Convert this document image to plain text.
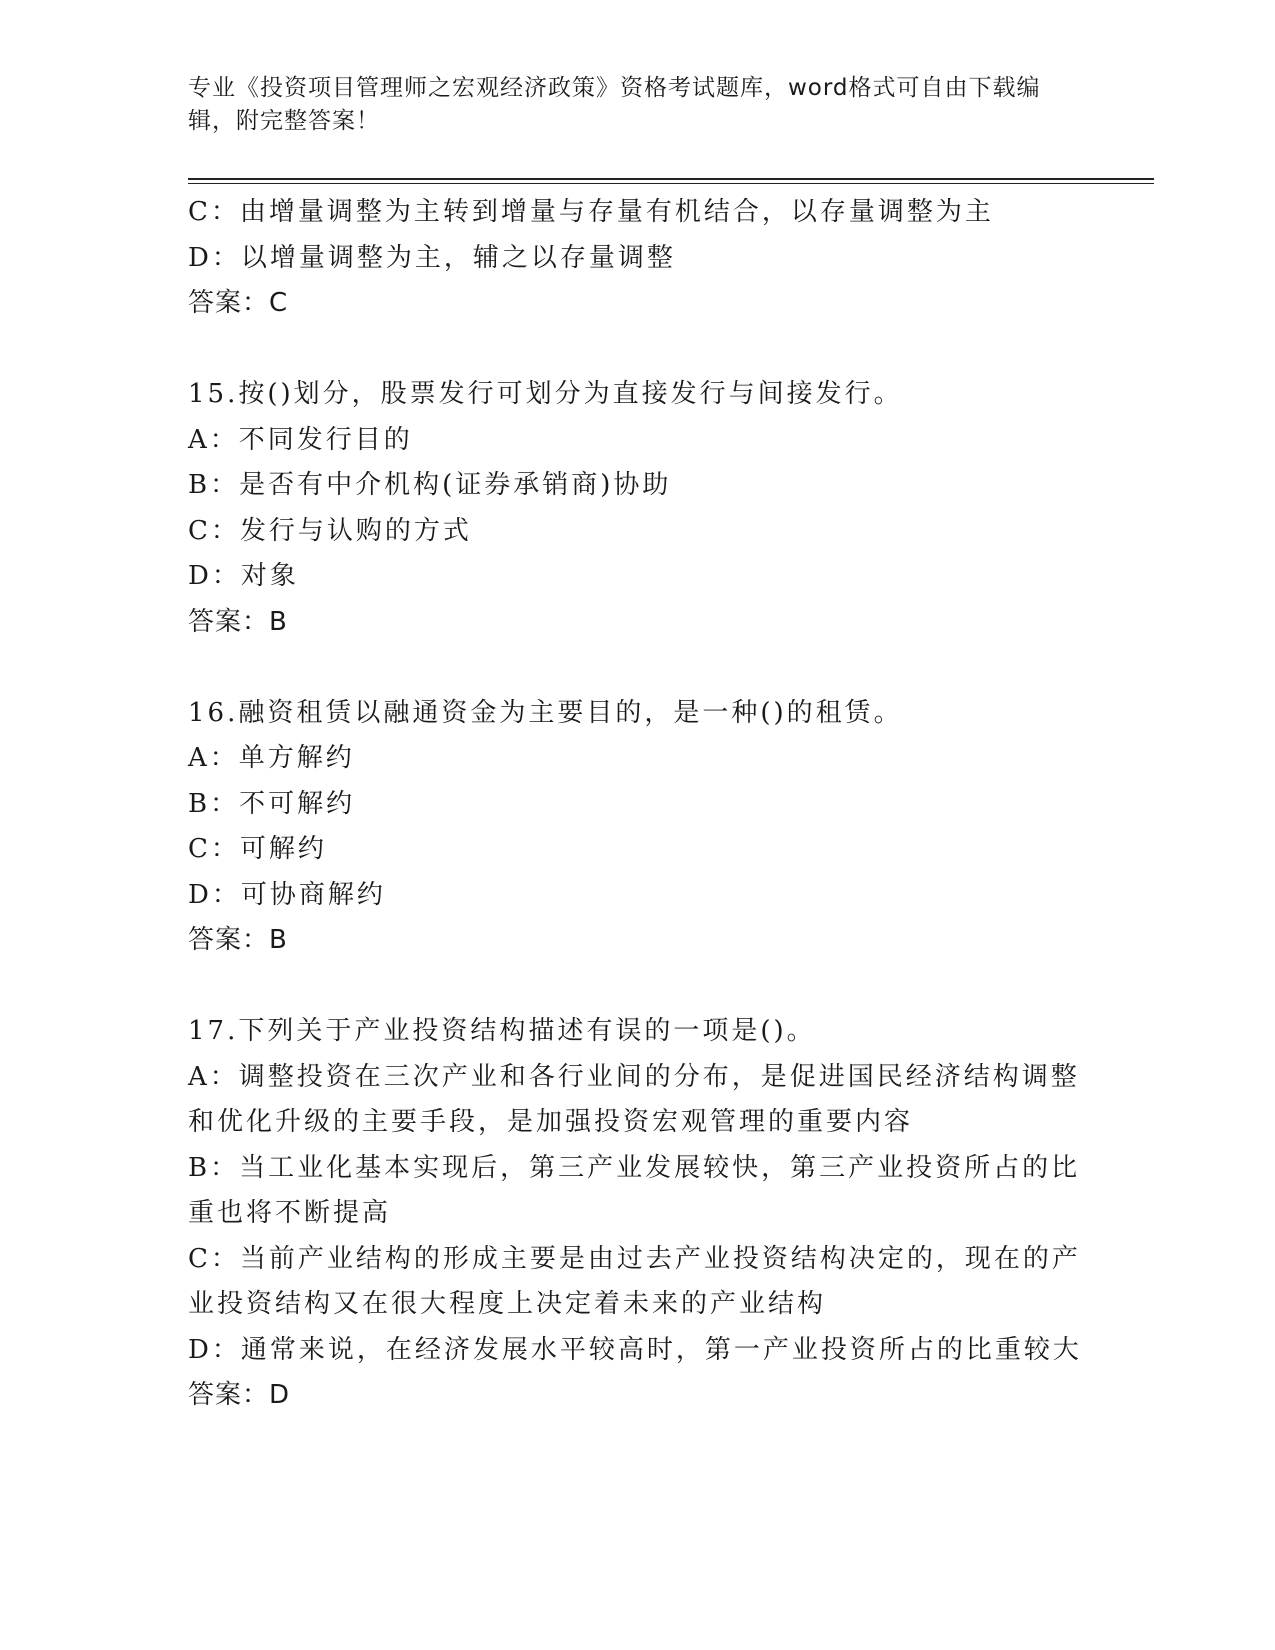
专业《投资项目管理师之宏观经济政策》资格考试题库，word格式可自由下载编辑，附完整答案！
C：由增量调整为主转到增量与存量有机结合，以存量调整为主
D：以增量调整为主，辅之以存量调整
答案：C
15.按()划分，股票发行可划分为直接发行与间接发行。
A：不同发行目的
B：是否有中介机构(证券承销商)协助
C：发行与认购的方式
D：对象
答案：B
16.融资租赁以融通资金为主要目的，是一种()的租赁。
A：单方解约
B：不可解约
C：可解约
D：可协商解约
答案：B
17.下列关于产业投资结构描述有误的一项是()。
A：调整投资在三次产业和各行业间的分布，是促进国民经济结构调整和优化升级的主要手段，是加强投资宏观管理的重要内容
B：当工业化基本实现后，第三产业发展较快，第三产业投资所占的比重也将不断提高
C：当前产业结构的形成主要是由过去产业投资结构决定的，现在的产业投资结构又在很大程度上决定着未来的产业结构
D：通常来说，在经济发展水平较高时，第一产业投资所占的比重较大
答案：D
